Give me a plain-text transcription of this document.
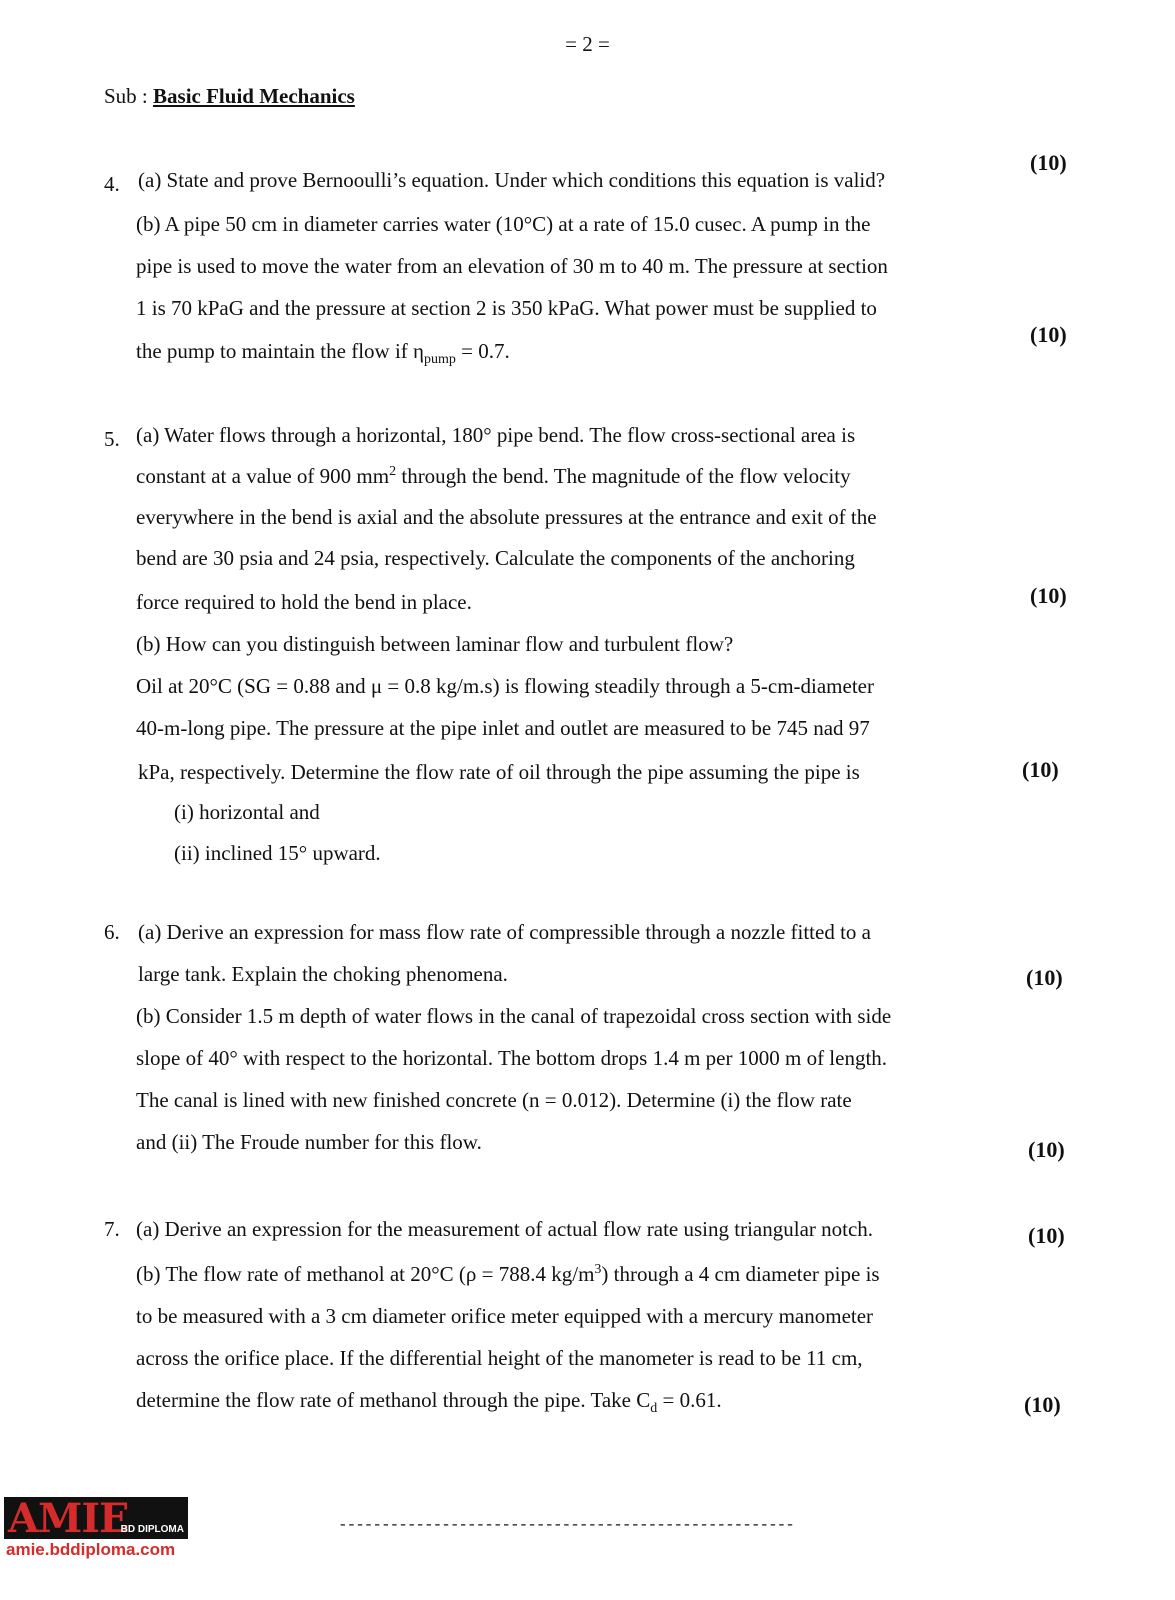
= 2 =
Sub : Basic Fluid Mechanics
4. (a) State and prove Bernooulli’s equation. Under which conditions this equation is valid?
(10)
(b) A pipe 50 cm in diameter carries water (10°C) at a rate of 15.0 cusec. A pump in the
pipe is used to move the water from an elevation of 30 m to 40 m. The pressure at section
1 is 70 kPaG and the pressure at section 2 is 350 kPaG. What power must be supplied to
the pump to maintain the flow if $\eta_{pump} = 0.7$.
(10)
5. (a) Water flows through a horizontal, 180° pipe bend. The flow cross-sectional area is
constant at a value of 900 $mm^2$ through the bend. The magnitude of the flow velocity
everywhere in the bend is axial and the absolute pressures at the entrance and exit of the
bend are 30 psia and 24 psia, respectively. Calculate the components of the anchoring
force required to hold the bend in place.	(10)
(b) How can you distinguish between laminar flow and turbulent flow?
Oil at 20°C (SG = 0.88 and μ = 0.8 kg/m.s) is flowing steadily through a 5-cm-diameter
40-m-long pipe. The pressure at the pipe inlet and outlet are measured to be 745 nad 97
kPa, respectively. Determine the flow rate of oil through the pipe assuming the pipe is	(10)
(i) horizontal and
(ii) inclined 15° upward.
6. (a) Derive an expression for mass flow rate of compressible through a nozzle fitted to a
large tank. Explain the choking phenomena.	(10)
(b) Consider 1.5 m depth of water flows in the canal of trapezoidal cross section with side
slope of 40° with respect to the horizontal. The bottom drops 1.4 m per 1000 m of length.
The canal is lined with new finished concrete (n = 0.012). Determine (i) the flow rate
and (ii) The Froude number for this flow.	(10)
7. (a) Derive an expression for the measurement of actual flow rate using triangular notch.	(10)
(b) The flow rate of methanol at 20°C (ρ = 788.4 $kg/m^3$) through a 4 cm diameter pipe is
to be measured with a 3 cm diameter orifice meter equipped with a mercury manometer
across the orifice place. If the differential height of the manometer is read to be 11 cm,
determine the flow rate of methanol through the pipe. Take $C_d = 0.61$.	(10)
-----------------------------------------------------
AMIE
BD DIPLOMA
amie.bddiploma.com
